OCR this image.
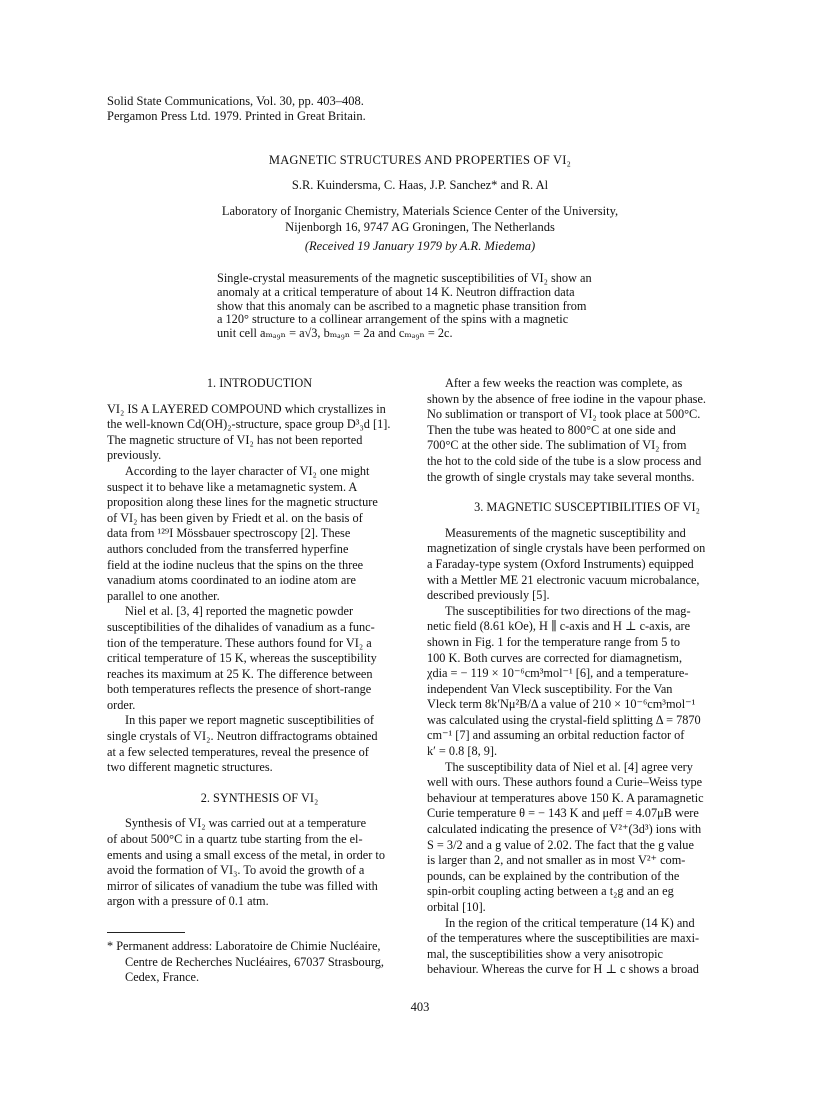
Solid State Communications, Vol. 30, pp. 403–408.
Pergamon Press Ltd. 1979. Printed in Great Britain.
MAGNETIC STRUCTURES AND PROPERTIES OF VI₂
S.R. Kuindersma, C. Haas, J.P. Sanchez* and R. Al
Laboratory of Inorganic Chemistry, Materials Science Center of the University,
Nijenborgh 16, 9747 AG Groningen, The Netherlands
(Received 19 January 1979 by A.R. Miedema)
Single-crystal measurements of the magnetic susceptibilities of VI₂ show an
anomaly at a critical temperature of about 14 K. Neutron diffraction data
show that this anomaly can be ascribed to a magnetic phase transition from
a 120° structure to a collinear arrangement of the spins with a magnetic
unit cell aₘₐ₉ₙ = a√3, bₘₐ₉ₙ = 2a and cₘₐ₉ₙ = 2c.
1. INTRODUCTION
VI₂ IS A LAYERED COMPOUND which crystallizes in
the well-known Cd(OH)₂-structure, space group D³₃d [1].
The magnetic structure of VI₂ has not been reported
previously.
According to the layer character of VI₂ one might
suspect it to behave like a metamagnetic system. A
proposition along these lines for the magnetic structure
of VI₂ has been given by Friedt et al. on the basis of
data from ¹²⁹I Mössbauer spectroscopy [2]. These
authors concluded from the transferred hyperfine
field at the iodine nucleus that the spins on the three
vanadium atoms coordinated to an iodine atom are
parallel to one another.
Niel et al. [3, 4] reported the magnetic powder
susceptibilities of the dihalides of vanadium as a func-
tion of the temperature. These authors found for VI₂ a
critical temperature of 15 K, whereas the susceptibility
reaches its maximum at 25 K. The difference between
both temperatures reflects the presence of short-range
order.
In this paper we report magnetic susceptibilities of
single crystals of VI₂. Neutron diffractograms obtained
at a few selected temperatures, reveal the presence of
two different magnetic structures.
2. SYNTHESIS OF VI₂
Synthesis of VI₂ was carried out at a temperature
of about 500°C in a quartz tube starting from the el-
ements and using a small excess of the metal, in order to
avoid the formation of VI₃. To avoid the growth of a
mirror of silicates of vanadium the tube was filled with
argon with a pressure of 0.1 atm.
* Permanent address: Laboratoire de Chimie Nucléaire,
Centre de Recherches Nucléaires, 67037 Strasbourg,
Cedex, France.
After a few weeks the reaction was complete, as
shown by the absence of free iodine in the vapour phase.
No sublimation or transport of VI₂ took place at 500°C.
Then the tube was heated to 800°C at one side and
700°C at the other side. The sublimation of VI₂ from
the hot to the cold side of the tube is a slow process and
the growth of single crystals may take several months.
3. MAGNETIC SUSCEPTIBILITIES OF VI₂
Measurements of the magnetic susceptibility and
magnetization of single crystals have been performed on
a Faraday-type system (Oxford Instruments) equipped
with a Mettler ME 21 electronic vacuum microbalance,
described previously [5].
The susceptibilities for two directions of the mag-
netic field (8.61 kOe), H ∥ c-axis and H ⊥ c-axis, are
shown in Fig. 1 for the temperature range from 5 to
100 K. Both curves are corrected for diamagnetism,
χdia = − 119 × 10⁻⁶cm³mol⁻¹ [6], and a temperature-
independent Van Vleck susceptibility. For the Van
Vleck term 8k′Nμ²B/Δ a value of 210 × 10⁻⁶cm³mol⁻¹
was calculated using the crystal-field splitting Δ = 7870
cm⁻¹ [7] and assuming an orbital reduction factor of
k′ = 0.8 [8, 9].
The susceptibility data of Niel et al. [4] agree very
well with ours. These authors found a Curie–Weiss type
behaviour at temperatures above 150 K. A paramagnetic
Curie temperature θ = − 143 K and μeff = 4.07μB were
calculated indicating the presence of V²⁺(3d³) ions with
S = 3/2 and a g value of 2.02. The fact that the g value
is larger than 2, and not smaller as in most V²⁺ com-
pounds, can be explained by the contribution of the
spin-orbit coupling acting between a t₂g and an eg
orbital [10].
In the region of the critical temperature (14 K) and
of the temperatures where the susceptibilities are maxi-
mal, the susceptibilities show a very anisotropic
behaviour. Whereas the curve for H ⊥ c shows a broad
403
